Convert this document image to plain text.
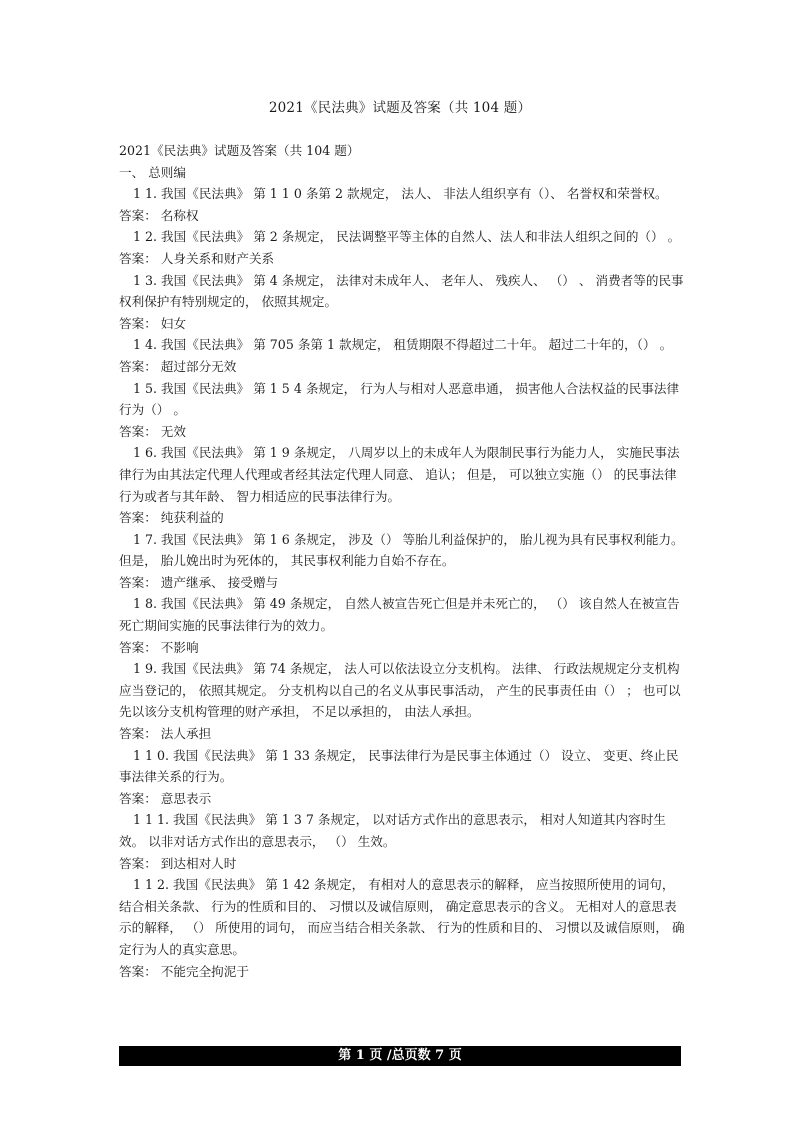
2021《民法典》试题及答案（共 104 题）

2021《民法典》试题及答案（共 104 题）

一、 总则编

1 1. 我国《民法典》 第 1 1 0 条第 2 款规定， 法人、 非法人组织享有（）、 名誉权和荣誉权。

答案： 名称权

1 2. 我国《民法典》 第 2 条规定， 民法调整平等主体的自然人、法人和非法人组织之间的（） 。

答案： 人身关系和财产关系

1 3. 我国《民法典》 第 4 条规定， 法律对未成年人、 老年人、 残疾人、 （） 、 消费者等的民事权利保护有特别规定的， 依照其规定。

答案： 妇女

1 4. 我国《民法典》 第 705 条第 1 款规定， 租赁期限不得超过二十年。 超过二十年的，（） 。

答案： 超过部分无效

1 5. 我国《民法典》 第 1 5 4 条规定， 行为人与相对人恶意串通， 损害他人合法权益的民事法律行为（） 。

答案： 无效

1 6. 我国《民法典》 第 1 9 条规定， 八周岁以上的未成年人为限制民事行为能力人， 实施民事法律行为由其法定代理人代理或者经其法定代理人同意、 追认； 但是， 可以独立实施（） 的民事法律行为或者与其年龄、 智力相适应的民事法律行为。

答案： 纯获利益的

1 7. 我国《民法典》 第 1 6 条规定， 涉及（） 等胎儿利益保护的， 胎儿视为具有民事权利能力。 但是， 胎儿娩出时为死体的， 其民事权利能力自始不存在。

答案： 遗产继承、 接受赠与

1 8. 我国《民法典》 第 49 条规定， 自然人被宣告死亡但是并未死亡的， （） 该自然人在被宣告死亡期间实施的民事法律行为的效力。

答案： 不影响

1 9. 我国《民法典》 第 74 条规定， 法人可以依法设立分支机构。 法律、 行政法规规定分支机构应当登记的， 依照其规定。 分支机构以自己的名义从事民事活动， 产生的民事责任由（） ； 也可以先以该分支机构管理的财产承担， 不足以承担的， 由法人承担。

答案： 法人承担

1 1 0. 我国《民法典》 第 1 33 条规定， 民事法律行为是民事主体通过（） 设立、 变更、终止民事法律关系的行为。

答案： 意思表示

1 1 1. 我国《民法典》 第 1 3 7 条规定， 以对话方式作出的意思表示， 相对人知道其内容时生效。 以非对话方式作出的意思表示， （） 生效。

答案： 到达相对人时

1 1 2. 我国《民法典》 第 1 42 条规定， 有相对人的意思表示的解释， 应当按照所使用的词句， 结合相关条款、 行为的性质和目的、 习惯以及诚信原则， 确定意思表示的含义。 无相对人的意思表示的解释， （） 所使用的词句， 而应当结合相关条款、 行为的性质和目的、 习惯以及诚信原则， 确定行为人的真实意思。

答案： 不能完全拘泥于

第 1 页 /总页数 7 页
